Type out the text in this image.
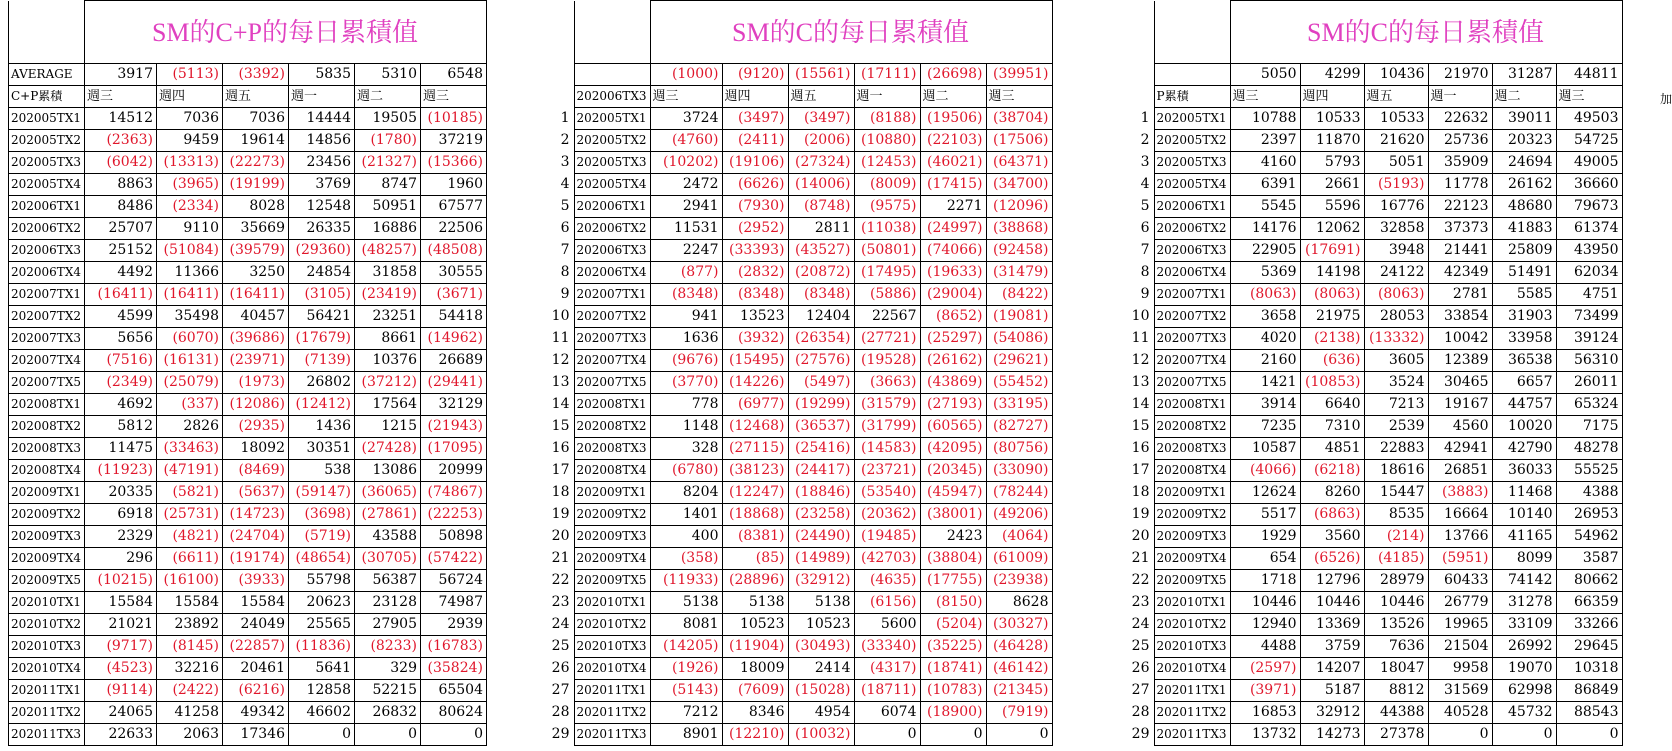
	SM的C+P的每日累積值					
AVERAGE	3917	(5113)	(3392)	5835	5310	6548
C+P累積	週三	週四	週五	週一	週二	週三
202005TX1	14512	7036	7036	14444	19505	(10185)
202005TX2	(2363)	9459	19614	14856	(1780)	37219
202005TX3	(6042)	(13313)	(22273)	23456	(21327)	(15366)
202005TX4	8863	(3965)	(19199)	3769	8747	1960
202006TX1	8486	(2334)	8028	12548	50951	67577
202006TX2	25707	9110	35669	26335	16886	22506
202006TX3	25152	(51084)	(39579)	(29360)	(48257)	(48508)
202006TX4	4492	11366	3250	24854	31858	30555
202007TX1	(16411)	(16411)	(16411)	(3105)	(23419)	(3671)
202007TX2	4599	35498	40457	56421	23251	54418
202007TX3	5656	(6070)	(39686)	(17679)	8661	(14962)
202007TX4	(7516)	(16131)	(23971)	(7139)	10376	26689
202007TX5	(2349)	(25079)	(1973)	26802	(37212)	(29441)
202008TX1	4692	(337)	(12086)	(12412)	17564	32129
202008TX2	5812	2826	(2935)	1436	1215	(21943)
202008TX3	11475	(33463)	18092	30351	(27428)	(17095)
202008TX4	(11923)	(47191)	(8469)	538	13086	20999
202009TX1	20335	(5821)	(5637)	(59147)	(36065)	(74867)
202009TX2	6918	(25731)	(14723)	(3698)	(27861)	(22253)
202009TX3	2329	(4821)	(24704)	(5719)	43588	50898
202009TX4	296	(6611)	(19174)	(48654)	(30705)	(57422)
202009TX5	(10215)	(16100)	(3933)	55798	56387	56724
202010TX1	15584	15584	15584	20623	23128	74987
202010TX2	21021	23892	24049	25565	27905	2939
202010TX3	(9717)	(8145)	(22857)	(11836)	(8233)	(16783)
202010TX4	(4523)	32216	20461	5641	329	(35824)
202011TX1	(9114)	(2422)	(6216)	12858	52215	65504
202011TX2	24065	41258	49342	46602	26832	80624
202011TX3	22633	2063	17346	0	0	0
		SM的C的每日累積值					
		(1000)	(9120)	(15561)	(17111)	(26698)	(39951)
	202006TX3	週三	週四	週五	週一	週二	週三
1	202005TX1	3724	(3497)	(3497)	(8188)	(19506)	(38704)
2	202005TX2	(4760)	(2411)	(2006)	(10880)	(22103)	(17506)
3	202005TX3	(10202)	(19106)	(27324)	(12453)	(46021)	(64371)
4	202005TX4	2472	(6626)	(14006)	(8009)	(17415)	(34700)
5	202006TX1	2941	(7930)	(8748)	(9575)	2271	(12096)
6	202006TX2	11531	(2952)	2811	(11038)	(24997)	(38868)
7	202006TX3	2247	(33393)	(43527)	(50801)	(74066)	(92458)
8	202006TX4	(877)	(2832)	(20872)	(17495)	(19633)	(31479)
9	202007TX1	(8348)	(8348)	(8348)	(5886)	(29004)	(8422)
10	202007TX2	941	13523	12404	22567	(8652)	(19081)
11	202007TX3	1636	(3932)	(26354)	(27721)	(25297)	(54086)
12	202007TX4	(9676)	(15495)	(27576)	(19528)	(26162)	(29621)
13	202007TX5	(3770)	(14226)	(5497)	(3663)	(43869)	(55452)
14	202008TX1	778	(6977)	(19299)	(31579)	(27193)	(33195)
15	202008TX2	1148	(12468)	(36537)	(31799)	(60565)	(82727)
16	202008TX3	328	(27115)	(25416)	(14583)	(42095)	(80756)
17	202008TX4	(6780)	(38123)	(24417)	(23721)	(20345)	(33090)
18	202009TX1	8204	(12247)	(18846)	(53540)	(45947)	(78244)
19	202009TX2	1401	(18868)	(23258)	(20362)	(38001)	(49206)
20	202009TX3	400	(8381)	(24490)	(19485)	2423	(4064)
21	202009TX4	(358)	(85)	(14989)	(42703)	(38804)	(61009)
22	202009TX5	(11933)	(28896)	(32912)	(4635)	(17755)	(23938)
23	202010TX1	5138	5138	5138	(6156)	(8150)	8628
24	202010TX2	8081	10523	10523	5600	(5204)	(30327)
25	202010TX3	(14205)	(11904)	(30493)	(33340)	(35225)	(46428)
26	202010TX4	(1926)	18009	2414	(4317)	(18741)	(46142)
27	202011TX1	(5143)	(7609)	(15028)	(18711)	(10783)	(21345)
28	202011TX2	7212	8346	4954	6074	(18900)	(7919)
29	202011TX3	8901	(12210)	(10032)	0	0	0
		SM的C的每日累積值					
		5050	4299	10436	21970	31287	44811
	P累積	週三	週四	週五	週一	週二	週三
1	202005TX1	10788	10533	10533	22632	39011	49503
2	202005TX2	2397	11870	21620	25736	20323	54725
3	202005TX3	4160	5793	5051	35909	24694	49005
4	202005TX4	6391	2661	(5193)	11778	26162	36660
5	202006TX1	5545	5596	16776	22123	48680	79673
6	202006TX2	14176	12062	32858	37373	41883	61374
7	202006TX3	22905	(17691)	3948	21441	25809	43950
8	202006TX4	5369	14198	24122	42349	51491	62034
9	202007TX1	(8063)	(8063)	(8063)	2781	5585	4751
10	202007TX2	3658	21975	28053	33854	31903	73499
11	202007TX3	4020	(2138)	(13332)	10042	33958	39124
12	202007TX4	2160	(636)	3605	12389	36538	56310
13	202007TX5	1421	(10853)	3524	30465	6657	26011
14	202008TX1	3914	6640	7213	19167	44757	65324
15	202008TX2	7235	7310	2539	4560	10020	7175
16	202008TX3	10587	4851	22883	42941	42790	48278
17	202008TX4	(4066)	(6218)	18616	26851	36033	55525
18	202009TX1	12624	8260	15447	(3883)	11468	4388
19	202009TX2	5517	(6863)	8535	16664	10140	26953
20	202009TX3	1929	3560	(214)	13766	41165	54962
21	202009TX4	654	(6526)	(4185)	(5951)	8099	3587
22	202009TX5	1718	12796	28979	60433	74142	80662
23	202010TX1	10446	10446	10446	26779	31278	66359
24	202010TX2	12940	13369	13526	19965	33109	33266
25	202010TX3	4488	3759	7636	21504	26992	29645
26	202010TX4	(2597)	14207	18047	9958	19070	10318
27	202011TX1	(3971)	5187	8812	31569	62998	86849
28	202011TX2	16853	32912	44388	40528	45732	88543
29	202011TX3	13732	14273	27378	0	0	0
加
